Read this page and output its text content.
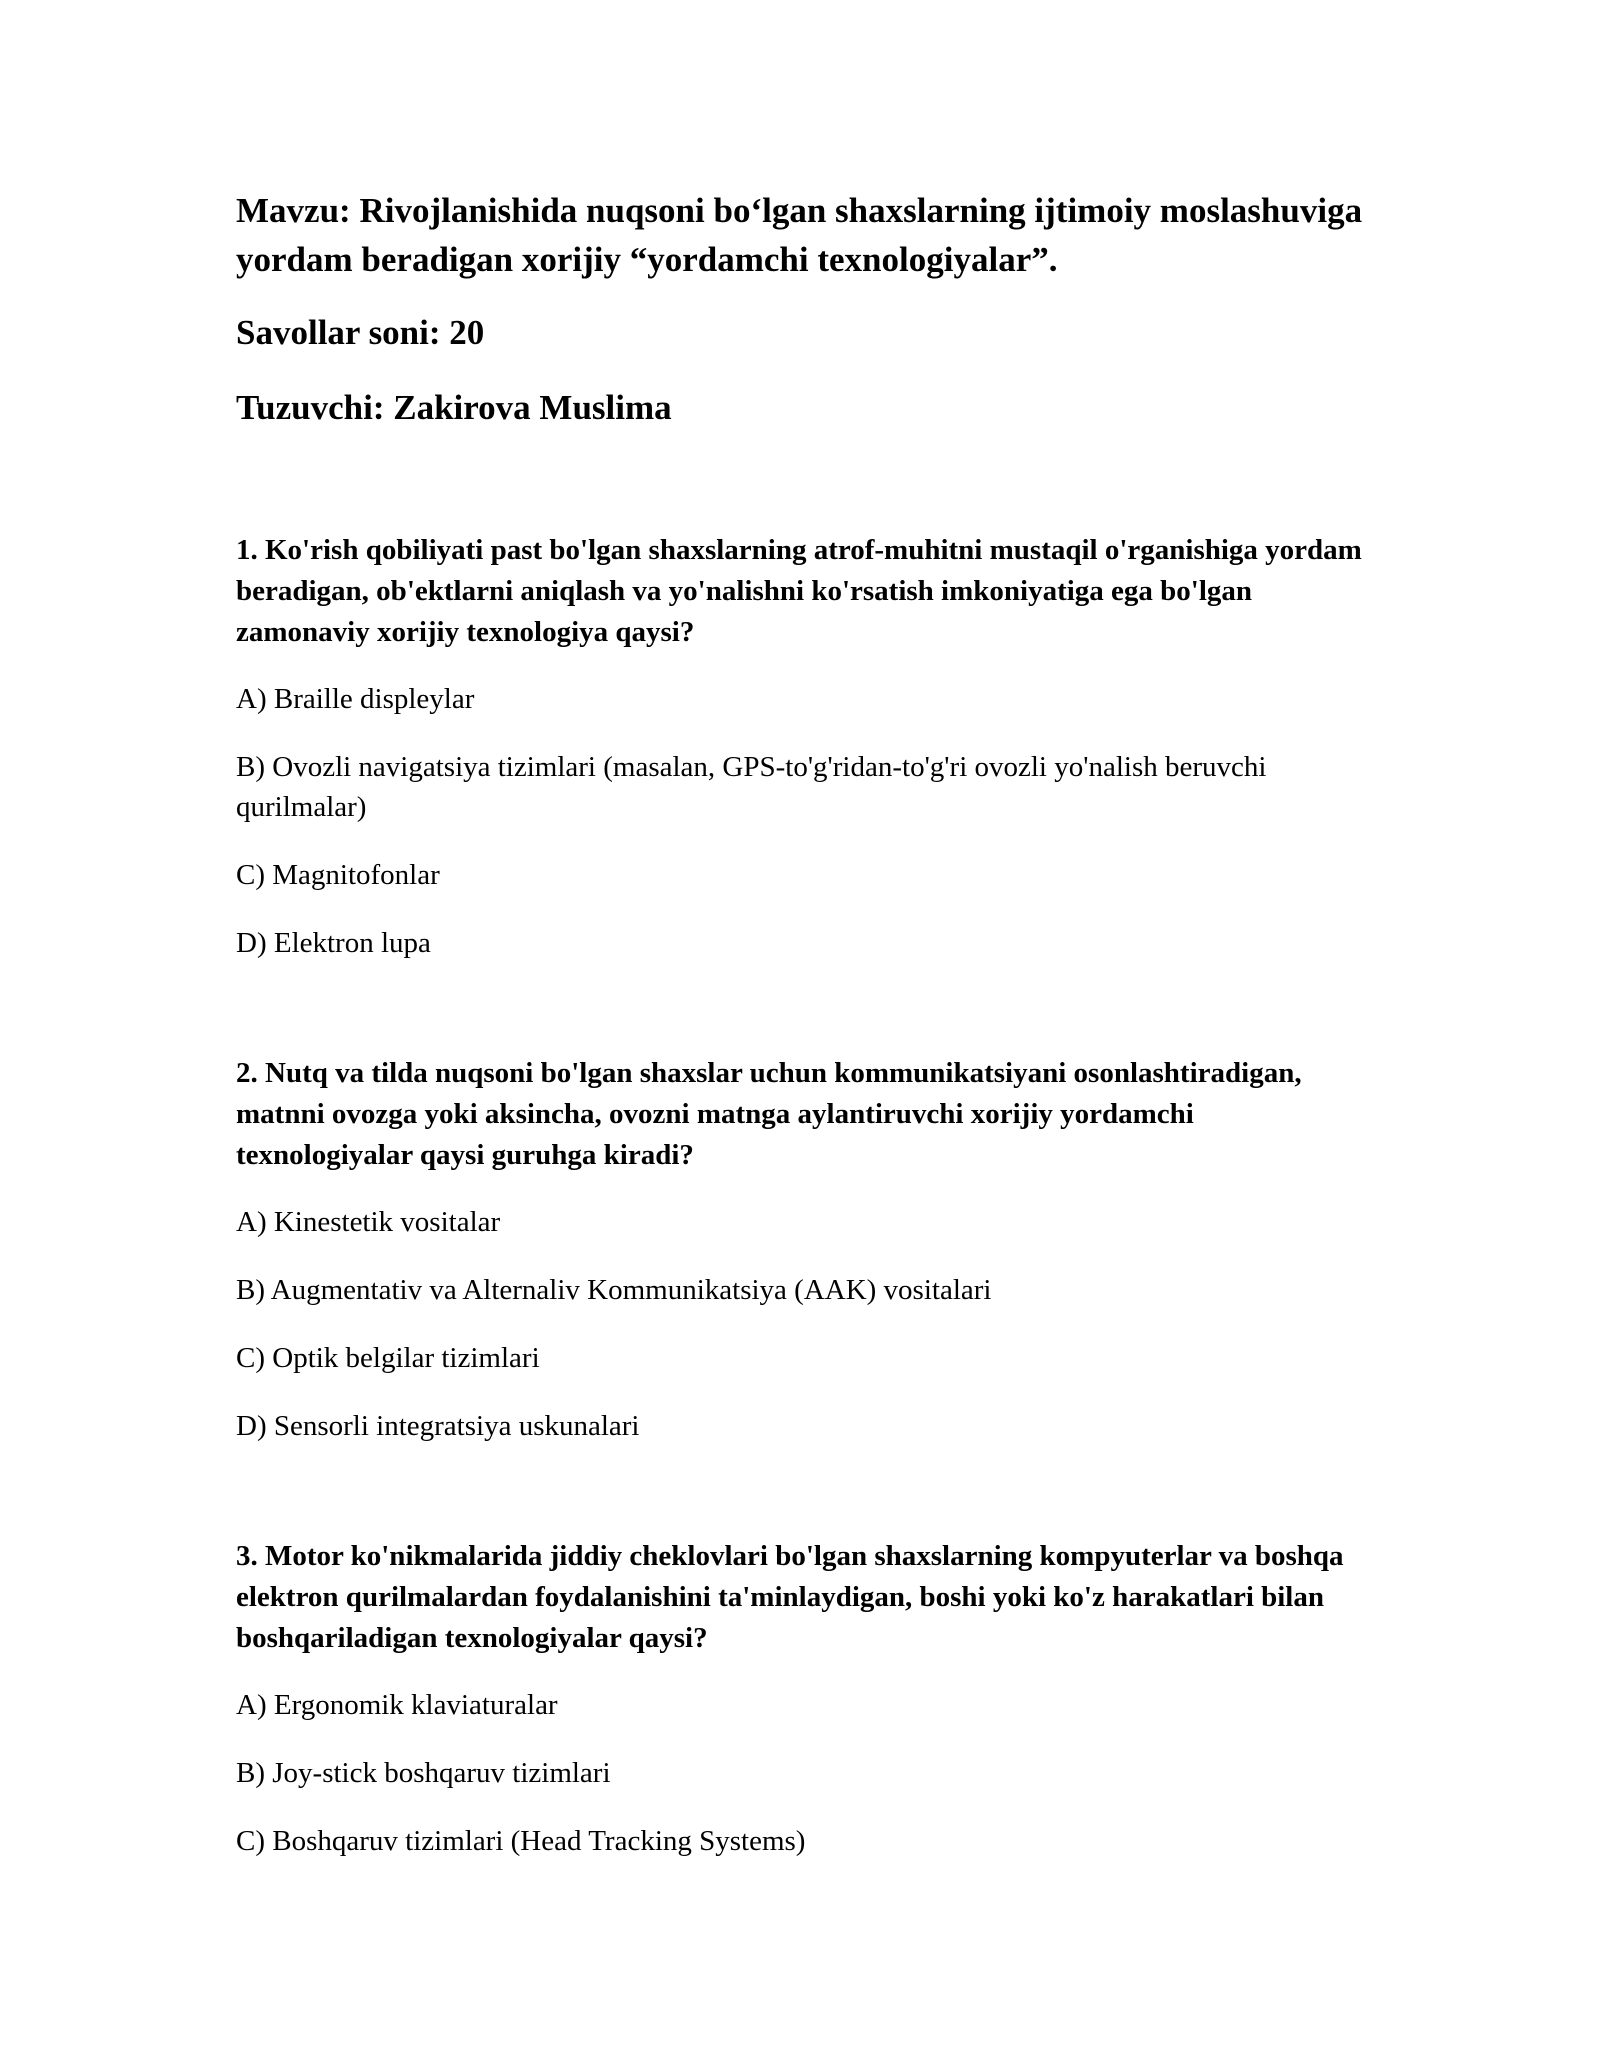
Mavzu: Rivojlanishida nuqsoni bo‘lgan shaxslarning ijtimoiy moslashuviga yordam beradigan xorijiy “yordamchi texnologiyalar”.

Savollar soni: 20

Tuzuvchi: Zakirova Muslima

1. Ko'rish qobiliyati past bo'lgan shaxslarning atrof-muhitni mustaqil o'rganishiga yordam beradigan, ob'ektlarni aniqlash va yo'nalishni ko'rsatish imkoniyatiga ega bo'lgan zamonaviy xorijiy texnologiya qaysi?

A) Braille displeylar

B) Ovozli navigatsiya tizimlari (masalan, GPS-to'g'ridan-to'g'ri ovozli yo'nalish beruvchi qurilmalar)

C) Magnitofonlar

D) Elektron lupa

2. Nutq va tilda nuqsoni bo'lgan shaxslar uchun kommunikatsiyani osonlashtiradigan, matnni ovozga yoki aksincha, ovozni matnga aylantiruvchi xorijiy yordamchi texnologiyalar qaysi guruhga kiradi?

A) Kinestetik vositalar

B) Augmentativ va Alternaliv Kommunikatsiya (AAK) vositalari

C) Optik belgilar tizimlari

D) Sensorli integratsiya uskunalari

3. Motor ko'nikmalarida jiddiy cheklovlari bo'lgan shaxslarning kompyuterlar va boshqa elektron qurilmalardan foydalanishini ta'minlaydigan, boshi yoki ko'z harakatlari bilan boshqariladigan texnologiyalar qaysi?

A) Ergonomik klaviaturalar

B) Joy-stick boshqaruv tizimlari

C) Boshqaruv tizimlari (Head Tracking Systems)
